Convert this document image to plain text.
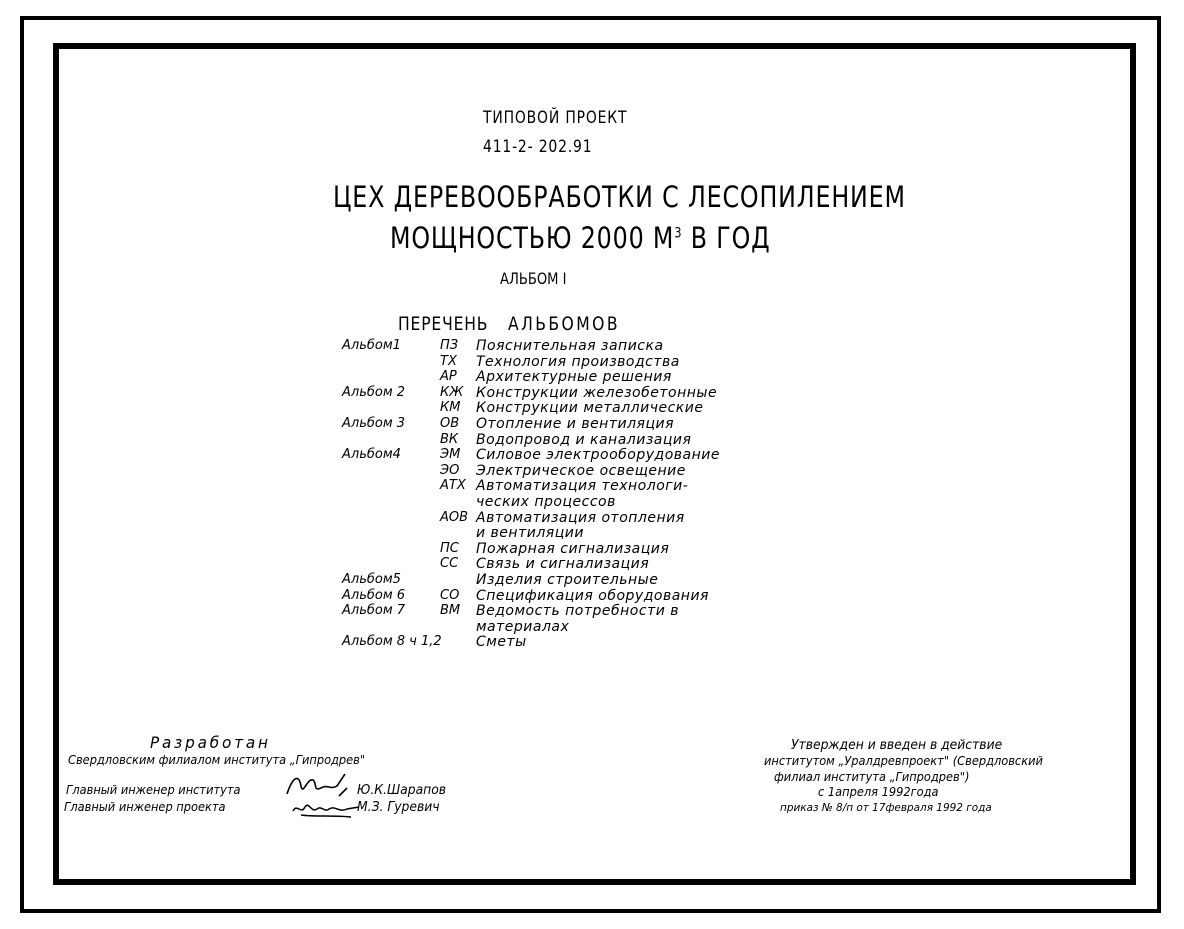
ТИПОВОЙ ПРОЕКТ
411-2- 202.91
ЦЕХ ДЕРЕВООБРАБОТКИ С ЛЕСОПИЛЕНИЕМ
МОЩНОСТЬЮ 2000 $М^3$ В ГОД
АЛЬБОМ I
ПЕРЕЧЕНЬ АЛЬБОМОВ
Альбом1	ПЗ	Пояснительная записка
ТХ	Технология производства
АР	Архитектурные решения
Альбом 2	КЖ Конструкции железобетонные
КМ	Конструкции металлические
Альбом 3	ОВ	Отопление и вентиляция
ВК	Водопровод и канализация
Альбом4	ЭМ	Силовое электрооборудование
ЭО	Электрическое освещение
АТХ Автоматизация технологи-
ческих процессов
АОВ Автоматизация отопления
и вентиляции
ПС	Пожарная сигнализация
СС	Связь и сигнализация
Альбом5	Изделия строительные
Альбом 6	СО	Спецификация оборудования
Альбом 7	ВМ	Ведомость потребности в
материалах
Альбом 8 ч 1,2 Сметы
Разработан
Свердловским филиалом института „Гипродрев"
Главный инженер института
Главный инженер проекта
Ю.К.Шарапов
М.З. Гуревич
Утвержден и введен в действие
институтом „Уралдревпроект" (Свердловский
филиал института „Гипродрев")
с 1апреля 1992года
приказ № 8/п от 17февраля 1992 года
